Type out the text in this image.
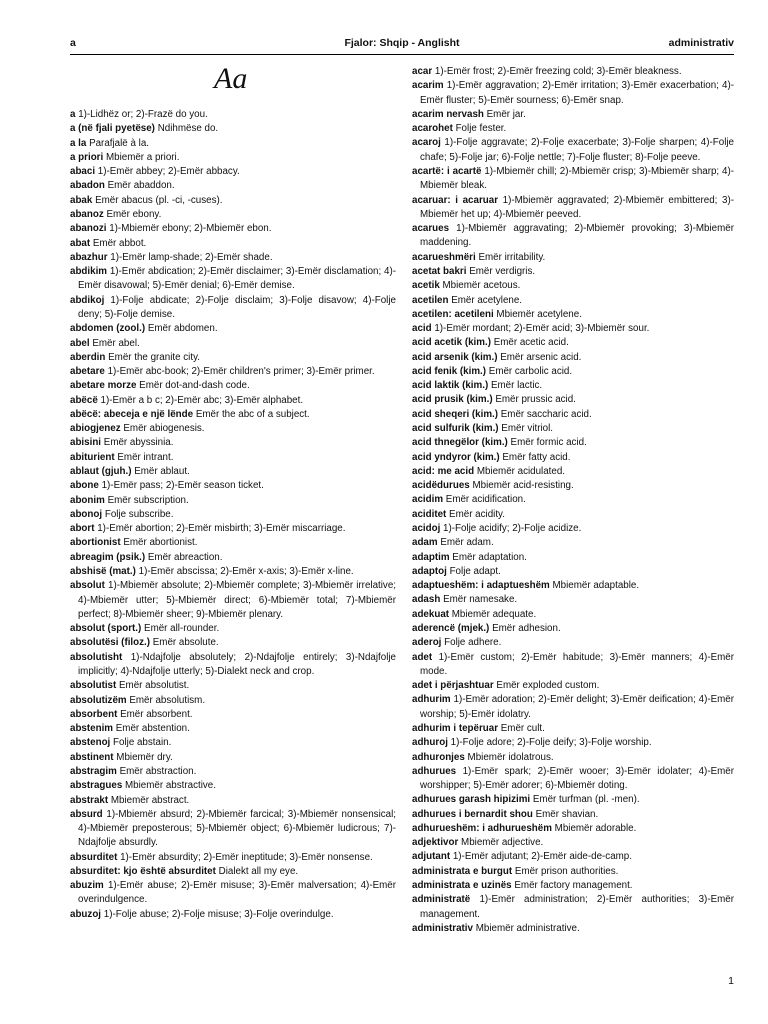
a	Fjalor: Shqip - Anglisht	administrativ
Aa

a 1)-Lidhëz or; 2)-Frazë do you.

a (në fjali pyetëse) Ndihmëse do.

a la Parafjalë à la.

a priori Mbiemër a priori.

abaci 1)-Emër abbey; 2)-Emër abbacy.

abadon Emër abaddon.

abak Emër abacus (pl. -ci, -cuses).

abanoz Emër ebony.

abanozi 1)-Mbiemër ebony; 2)-Mbiemër ebon.

abat Emër abbot.

abazhur 1)-Emër lamp-shade; 2)-Emër shade.

abdikim 1)-Emër abdication; 2)-Emër disclaimer; 3)-Emër disclamation; 4)-Emër disavowal; 5)-Emër denial; 6)-Emër demise.

abdikoj 1)-Folje abdicate; 2)-Folje disclaim; 3)-Folje disavow; 4)-Folje deny; 5)-Folje demise.

abdomen (zool.) Emër abdomen.

abel Emër abel.

aberdin Emër the granite city.

abetare 1)-Emër abc-book; 2)-Emër children's primer; 3)-Emër primer.

abetare morze Emër dot-and-dash code.

abëcë 1)-Emër a b c; 2)-Emër abc; 3)-Emër alphabet.

abëcë: abeceja e një lënde Emër the abc of a subject.

abiogjenez Emër abiogenesis.

abisini Emër abyssinia.

abiturient Emër intrant.

ablaut (gjuh.) Emër ablaut.

abone 1)-Emër pass; 2)-Emër season ticket.

abonim Emër subscription.

abonoj Folje subscribe.

abort 1)-Emër abortion; 2)-Emër misbirth; 3)-Emër miscarriage.

abortionist Emër abortionist.

abreagim (psik.) Emër abreaction.

abshisë (mat.) 1)-Emër abscissa; 2)-Emër x-axis; 3)-Emër x-line.

absolut 1)-Mbiemër absolute; 2)-Mbiemër complete; 3)-Mbiemër irrelative; 4)-Mbiemër utter; 5)-Mbiemër direct; 6)-Mbiemër total; 7)-Mbiemër perfect; 8)-Mbiemër sheer; 9)-Mbiemër plenary.

absolut (sport.) Emër all-rounder.

absolutësi (filoz.) Emër absolute.

absolutisht 1)-Ndajfolje absolutely; 2)-Ndajfolje entirely; 3)-Ndajfolje implicitly; 4)-Ndajfolje utterly; 5)-Dialekt neck and crop.

absolutist Emër absolutist.

absolutizëm Emër absolutism.

absorbent Emër absorbent.

abstenim Emër abstention.

abstenoj Folje abstain.

abstinent Mbiemër dry.

abstragim Emër abstraction.

abstragues Mbiemër abstractive.

abstrakt Mbiemër abstract.

absurd 1)-Mbiemër absurd; 2)-Mbiemër farcical; 3)-Mbiemër nonsensical; 4)-Mbiemër preposterous; 5)-Mbiemër object; 6)-Mbiemër ludicrous; 7)-Ndajfolje absurdly.

absurditet 1)-Emër absurdity; 2)-Emër ineptitude; 3)-Emër nonsense.

absurditet: kjo është absurditet Dialekt all my eye.

abuzim 1)-Emër abuse; 2)-Emër misuse; 3)-Emër malversation; 4)-Emër overindulgence.

abuzoj 1)-Folje abuse; 2)-Folje misuse; 3)-Folje overindulge.

acar 1)-Emër frost; 2)-Emër freezing cold; 3)-Emër bleakness.

acarim 1)-Emër aggravation; 2)-Emër irritation; 3)-Emër exacerbation; 4)-Emër fluster; 5)-Emër sourness; 6)-Emër snap.

acarim nervash Emër jar.

acarohet Folje fester.

acaroj 1)-Folje aggravate; 2)-Folje exacerbate; 3)-Folje sharpen; 4)-Folje chafe; 5)-Folje jar; 6)-Folje nettle; 7)-Folje fluster; 8)-Folje peeve.

acartë: i acartë 1)-Mbiemër chill; 2)-Mbiemër crisp; 3)-Mbiemër sharp; 4)-Mbiemër bleak.

acaruar: i acaruar 1)-Mbiemër aggravated; 2)-Mbiemër embittered; 3)-Mbiemër het up; 4)-Mbiemër peeved.

acarues 1)-Mbiemër aggravating; 2)-Mbiemër provoking; 3)-Mbiemër maddening.

acarueshmëri Emër irritability.

acetat bakri Emër verdigris.

acetik Mbiemër acetous.

acetilen Emër acetylene.

acetilen: acetileni Mbiemër acetylene.

acid 1)-Emër mordant; 2)-Emër acid; 3)-Mbiemër sour.

acid acetik (kim.) Emër acetic acid.

acid arsenik (kim.) Emër arsenic acid.

acid fenik (kim.) Emër carbolic acid.

acid laktik (kim.) Emër lactic.

acid prusik (kim.) Emër prussic acid.

acid sheqeri (kim.) Emër saccharic acid.

acid sulfurik (kim.) Emër vitriol.

acid thnegëlor (kim.) Emër formic acid.

acid yndyror (kim.) Emër fatty acid.

acid: me acid Mbiemër acidulated.

acidëdurues Mbiemër acid-resisting.

acidim Emër acidification.

aciditet Emër acidity.

acidoj 1)-Folje acidify; 2)-Folje acidize.

adam Emër adam.

adaptim Emër adaptation.

adaptoj Folje adapt.

adaptueshëm: i adaptueshëm Mbiemër adaptable.

adash Emër namesake.

adekuat Mbiemër adequate.

aderencë (mjek.) Emër adhesion.

aderoj Folje adhere.

adet 1)-Emër custom; 2)-Emër habitude; 3)-Emër manners; 4)-Emër mode.

adet i përjashtuar Emër exploded custom.

adhurim 1)-Emër adoration; 2)-Emër delight; 3)-Emër deification; 4)-Emër worship; 5)-Emër idolatry.

adhurim i tepëruar Emër cult.

adhuroj 1)-Folje adore; 2)-Folje deify; 3)-Folje worship.

adhuronjes Mbiemër idolatrous.

adhurues 1)-Emër spark; 2)-Emër wooer; 3)-Emër idolater; 4)-Emër worshipper; 5)-Emër adorer; 6)-Mbiemër doting.

adhurues garash hipizimi Emër turfman (pl. -men).

adhurues i bernardit shou Emër shavian.

adhurueshëm: i adhurueshëm Mbiemër adorable.

adjektivor Mbiemër adjective.

adjutant 1)-Emër adjutant; 2)-Emër aide-de-camp.

administrata e burgut Emër prison authorities.

administrata e uzinës Emër factory management.

administratë 1)-Emër administration; 2)-Emër authorities; 3)-Emër management.

administrativ Mbiemër administrative.

1
